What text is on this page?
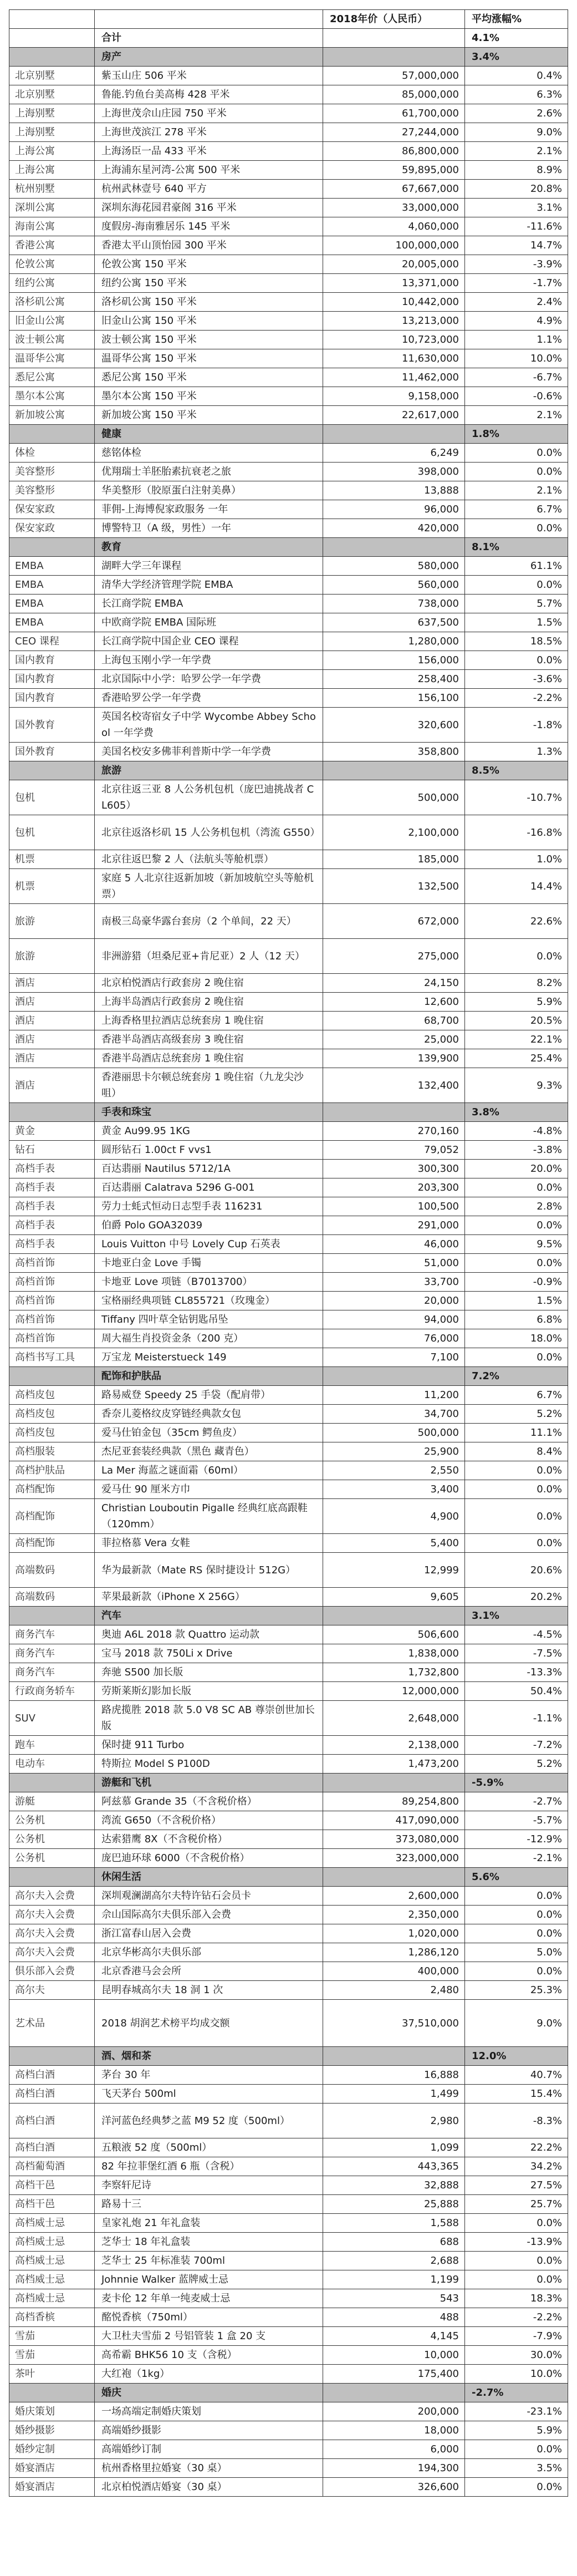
		2018年价（人民币）	平均涨幅%
	合计		4.1%
	房产		3.4%
北京别墅	紫玉山庄 506 平米	57,000,000	0.4%
北京别墅	鲁能.钓鱼台美高梅 428 平米	85,000,000	6.3%
上海别墅	上海世茂佘山庄园 750 平米	61,700,000	2.6%
上海别墅	上海世茂滨江 278 平米	27,244,000	9.0%
上海公寓	上海汤臣一品 433 平米	86,800,000	2.1%
上海公寓	上海浦东星河湾-公寓 500 平米	59,895,000	8.9%
杭州别墅	杭州武林壹号 640 平方	67,667,000	20.8%
深圳公寓	深圳东海花园君豪阁 316 平米	33,000,000	3.1%
海南公寓	度假房-海南雅居乐 145 平米	4,060,000	-11.6%
香港公寓	香港太平山顶怡园 300 平米	100,000,000	14.7%
伦敦公寓	伦敦公寓 150 平米	20,005,000	-3.9%
纽约公寓	纽约公寓 150 平米	13,371,000	-1.7%
洛杉矶公寓	洛杉矶公寓 150 平米	10,442,000	2.4%
旧金山公寓	旧金山公寓 150 平米	13,213,000	4.9%
波士顿公寓	波士顿公寓 150 平米	10,723,000	1.1%
温哥华公寓	温哥华公寓 150 平米	11,630,000	10.0%
悉尼公寓	悉尼公寓 150 平米	11,462,000	-6.7%
墨尔本公寓	墨尔本公寓 150 平米	9,158,000	-0.6%
新加坡公寓	新加坡公寓 150 平米	22,617,000	2.1%
	健康		1.8%
体检	慈铭体检	6,249	0.0%
美容整形	优翔瑞士羊胚胎素抗衰老之旅	398,000	0.0%
美容整形	华美整形（胶原蛋白注射美鼻）	13,888	2.1%
保安家政	菲佣-上海博倪家政服务 一年	96,000	6.7%
保安家政	博警特卫（A 级，男性）一年	420,000	0.0%
	教育		8.1%
EMBA	湖畔大学三年课程	580,000	61.1%
EMBA	清华大学经济管理学院 EMBA	560,000	0.0%
EMBA	长江商学院 EMBA	738,000	5.7%
EMBA	中欧商学院 EMBA 国际班	637,500	1.5%
CEO 课程	长江商学院中国企业 CEO 课程	1,280,000	18.5%
国内教育	上海包玉刚小学一年学费	156,000	0.0%
国内教育	北京国际中小学：哈罗公学一年学费	258,400	-3.6%
国内教育	香港哈罗公学一年学费	156,100	-2.2%
国外教育	英国名校寄宿女子中学 Wycombe Abbey School 一年学费	320,600	-1.8%
国外教育	美国名校安多佛菲利普斯中学一年学费	358,800	1.3%
	旅游		8.5%
包机	北京往返三亚 8 人公务机包机（庞巴迪挑战者 CL605）	500,000	-10.7%
包机	北京往返洛杉矶 15 人公务机包机（湾流 G550）	2,100,000	-16.8%
机票	北京往返巴黎 2 人（法航头等舱机票）	185,000	1.0%
机票	家庭 5 人北京往返新加坡（新加坡航空头等舱机票）	132,500	14.4%
旅游	南极三岛豪华露台套房（2 个单间，22 天）	672,000	22.6%
旅游	非洲游猎（坦桑尼亚+肯尼亚）2 人（12 天）	275,000	0.0%
酒店	北京柏悦酒店行政套房 2 晚住宿	24,150	8.2%
酒店	上海半岛酒店行政套房 2 晚住宿	12,600	5.9%
酒店	上海香格里拉酒店总统套房 1 晚住宿	68,700	20.5%
酒店	香港半岛酒店高级套房 3 晚住宿	25,000	22.1%
酒店	香港半岛酒店总统套房 1 晚住宿	139,900	25.4%
酒店	香港丽思卡尔顿总统套房 1 晚住宿（九龙尖沙咀）	132,400	9.3%
	手表和珠宝		3.8%
黄金	黄金 Au99.95 1KG	270,160	-4.8%
钻石	圆形钻石 1.00ct F vvs1	79,052	-3.8%
高档手表	百达翡丽 Nautilus 5712/1A	300,300	20.0%
高档手表	百达翡丽 Calatrava 5296 G-001	203,300	0.0%
高档手表	劳力士蚝式恒动日志型手表 116231	100,500	2.8%
高档手表	伯爵 Polo GOA32039	291,000	0.0%
高档手表	Louis Vuitton 中号 Lovely Cup 石英表	46,000	9.5%
高档首饰	卡地亚白金 Love 手镯	51,000	0.0%
高档首饰	卡地亚 Love 项链（B7013700）	33,700	-0.9%
高档首饰	宝格丽经典项链 CL855721（玫瑰金）	20,000	1.5%
高档首饰	Tiffany 四叶草全钻钥匙吊坠	94,000	6.8%
高档首饰	周大福生肖投资金条（200 克）	76,000	18.0%
高档书写工具	万宝龙 Meisterstueck 149	7,100	0.0%
	配饰和护肤品		7.2%
高档皮包	路易威登 Speedy 25 手袋（配肩带）	11,200	6.7%
高档皮包	香奈儿菱格纹皮穿链经典款女包	34,700	5.2%
高档皮包	爱马仕铂金包（35cm 鳄鱼皮）	500,000	11.1%
高档服装	杰尼亚套装经典款（黑色 藏青色）	25,900	8.4%
高档护肤品	La Mer 海蓝之谜面霜（60ml）	2,550	0.0%
高档配饰	爱马仕 90 厘米方巾	3,400	0.0%
高档配饰	Christian Louboutin Pigalle 经典红底高跟鞋（120mm）	4,900	0.0%
高档配饰	菲拉格慕 Vera 女鞋	5,400	0.0%
高端数码	华为最新款（Mate RS 保时捷设计 512G）	12,999	20.6%
高端数码	苹果最新款（iPhone X 256G）	9,605	20.2%
	汽车		3.1%
商务汽车	奥迪 A6L 2018 款 Quattro 运动款	506,600	-4.5%
商务汽车	宝马 2018 款 750Li x Drive	1,838,000	-7.5%
商务汽车	奔驰 S500 加长版	1,732,800	-13.3%
行政商务轿车	劳斯莱斯幻影加长版	12,000,000	50.4%
SUV	路虎揽胜 2018 款 5.0 V8 SC AB 尊崇创世加长版	2,648,000	-1.1%
跑车	保时捷 911 Turbo	2,138,000	-7.2%
电动车	特斯拉 Model S P100D	1,473,200	5.2%
	游艇和飞机		-5.9%
游艇	阿兹慕 Grande 35（不含税价格）	89,254,800	-2.7%
公务机	湾流 G650（不含税价格）	417,090,000	-5.7%
公务机	达索猎鹰 8X（不含税价格）	373,080,000	-12.9%
公务机	庞巴迪环球 6000（不含税价格）	323,000,000	-2.1%
	休闲生活		5.6%
高尔夫入会费	深圳观澜湖高尔夫特许钻石会员卡	2,600,000	0.0%
高尔夫入会费	佘山国际高尔夫俱乐部入会费	2,350,000	0.0%
高尔夫入会费	浙江富春山居入会费	1,020,000	0.0%
高尔夫入会费	北京华彬高尔夫俱乐部	1,286,120	5.0%
俱乐部入会费	北京香港马会会所	400,000	0.0%
高尔夫	昆明春城高尔夫 18 洞 1 次	2,480	25.3%
艺术品	2018 胡润艺术榜平均成交额	37,510,000	9.0%
	酒、烟和茶		12.0%
高档白酒	茅台 30 年	16,888	40.7%
高档白酒	飞天茅台 500ml	1,499	15.4%
高档白酒	洋河蓝色经典梦之蓝 M9 52 度（500ml）	2,980	-8.3%
高档白酒	五粮液 52 度（500ml）	1,099	22.2%
高档葡萄酒	82 年拉菲堡红酒 6 瓶（含税）	443,365	34.2%
高档干邑	李察轩尼诗	32,888	27.5%
高档干邑	路易十三	25,888	25.7%
高档威士忌	皇家礼炮 21 年礼盒装	1,588	0.0%
高档威士忌	芝华士 18 年礼盒装	688	-13.9%
高档威士忌	芝华士 25 年标准装 700ml	2,688	0.0%
高档威士忌	Johnnie Walker 蓝牌威士忌	1,199	0.0%
高档威士忌	麦卡伦 12 年单一纯麦威士忌	543	18.3%
高档香槟	酩悦香槟（750ml）	488	-2.2%
雪茄	大卫杜夫雪茄 2 号铝管装 1 盒 20 支	4,145	-7.9%
雪茄	高希霸 BHK56 10 支（含税）	10,000	30.0%
茶叶	大红袍（1kg）	175,400	10.0%
	婚庆		-2.7%
婚庆策划	一场高端定制婚庆策划	200,000	-23.1%
婚纱摄影	高端婚纱摄影	18,000	5.9%
婚纱定制	高端婚纱订制	6,000	0.0%
婚宴酒店	杭州香格里拉婚宴（30 桌）	194,300	3.5%
婚宴酒店	北京柏悦酒店婚宴（30 桌）	326,600	0.0%
